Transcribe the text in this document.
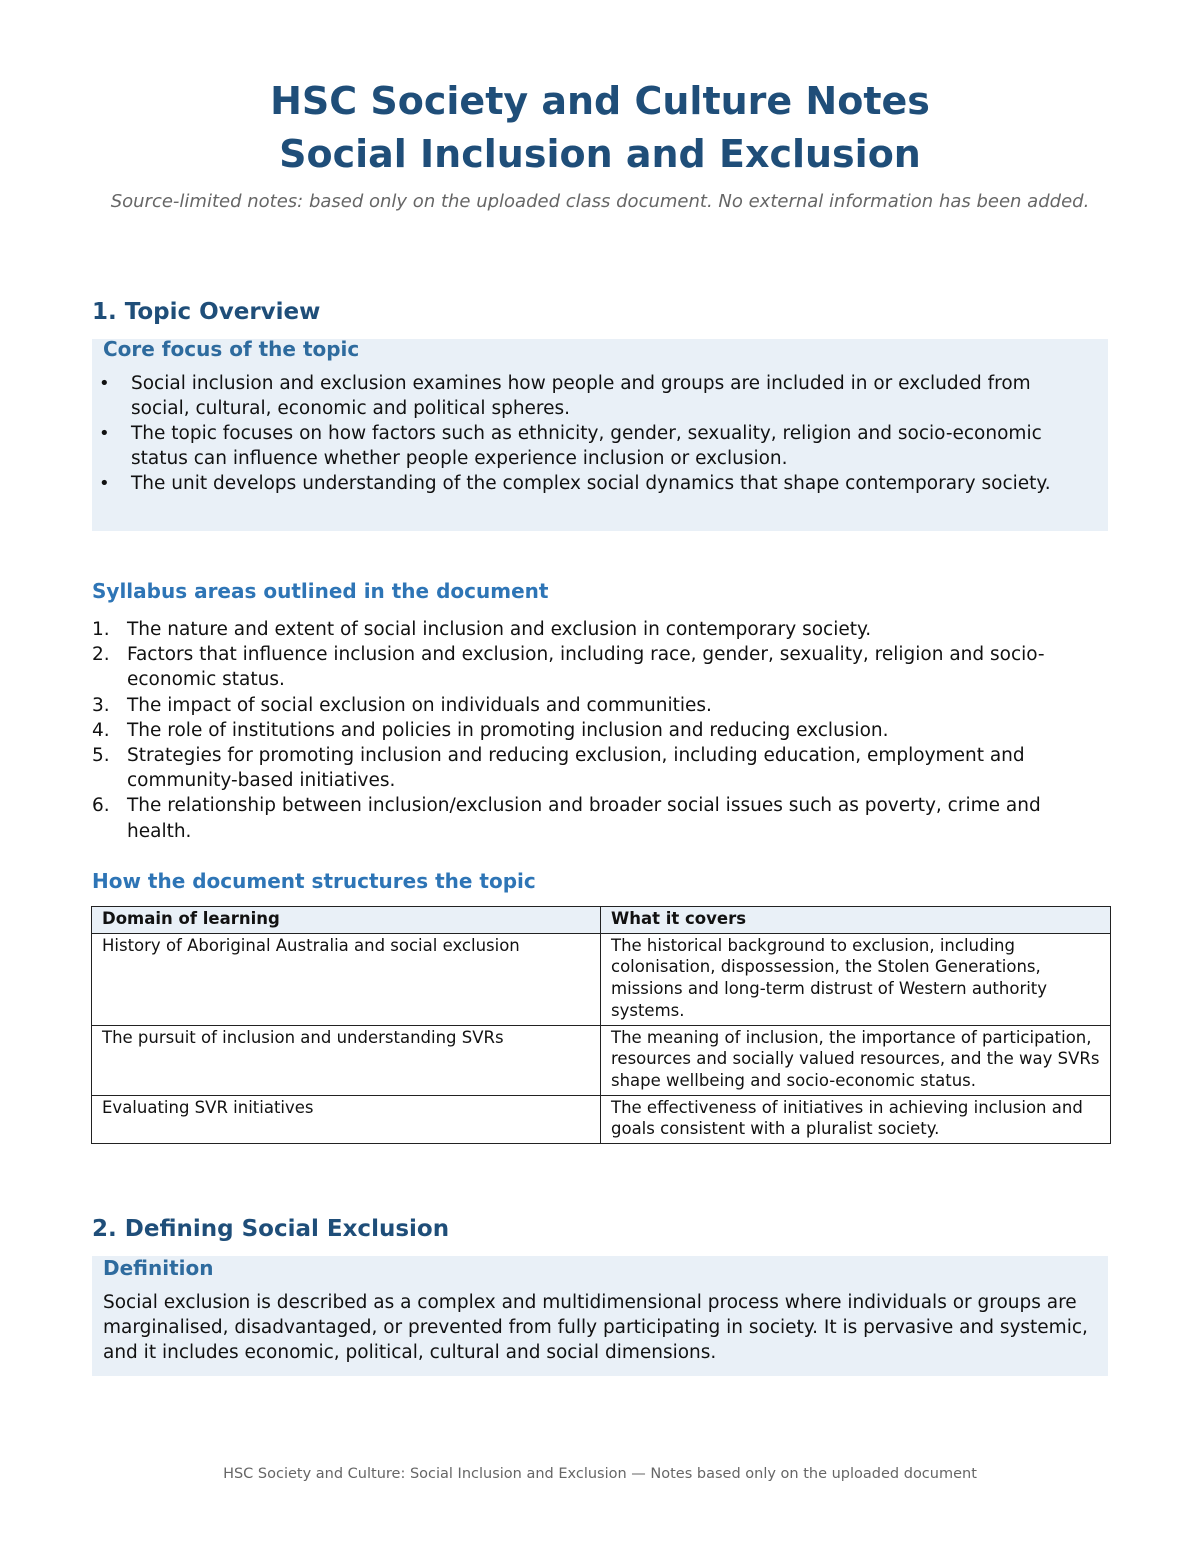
HSC Society and Culture Notes
Social Inclusion and Exclusion

Source-limited notes: based only on the uploaded class document. No external information has been added.

1. Topic Overview
Core focus of the topic
• Social inclusion and exclusion examines how people and groups are included in or excluded from social, cultural, economic and political spheres.
• The topic focuses on how factors such as ethnicity, gender, sexuality, religion and socio-economic status can influence whether people experience inclusion or exclusion.
• The unit develops understanding of the complex social dynamics that shape contemporary society.
Syllabus areas outlined in the document
1. The nature and extent of social inclusion and exclusion in contemporary society.
2. Factors that influence inclusion and exclusion, including race, gender, sexuality, religion and socio-economic status.
3. The impact of social exclusion on individuals and communities.
4. The role of institutions and policies in promoting inclusion and reducing exclusion.
5. Strategies for promoting inclusion and reducing exclusion, including education, employment and community-based initiatives.
6. The relationship between inclusion/exclusion and broader social issues such as poverty, crime and health.
How the document structures the topic
Domain of learning	What it covers
History of Aboriginal Australia and social exclusion	The historical background to exclusion, including colonisation, dispossession, the Stolen Generations, missions and long-term distrust of Western authority systems.
The pursuit of inclusion and understanding SVRs	The meaning of inclusion, the importance of participation, resources and socially valued resources, and the way SVRs shape wellbeing and socio-economic status.
Evaluating SVR initiatives	The effectiveness of initiatives in achieving inclusion and goals consistent with a pluralist society.
2. Defining Social Exclusion
Definition

Social exclusion is described as a complex and multidimensional process where individuals or groups are marginalised, disadvantaged, or prevented from fully participating in society. It is pervasive and systemic, and it includes economic, political, cultural and social dimensions.

HSC Society and Culture: Social Inclusion and Exclusion — Notes based only on the uploaded document
